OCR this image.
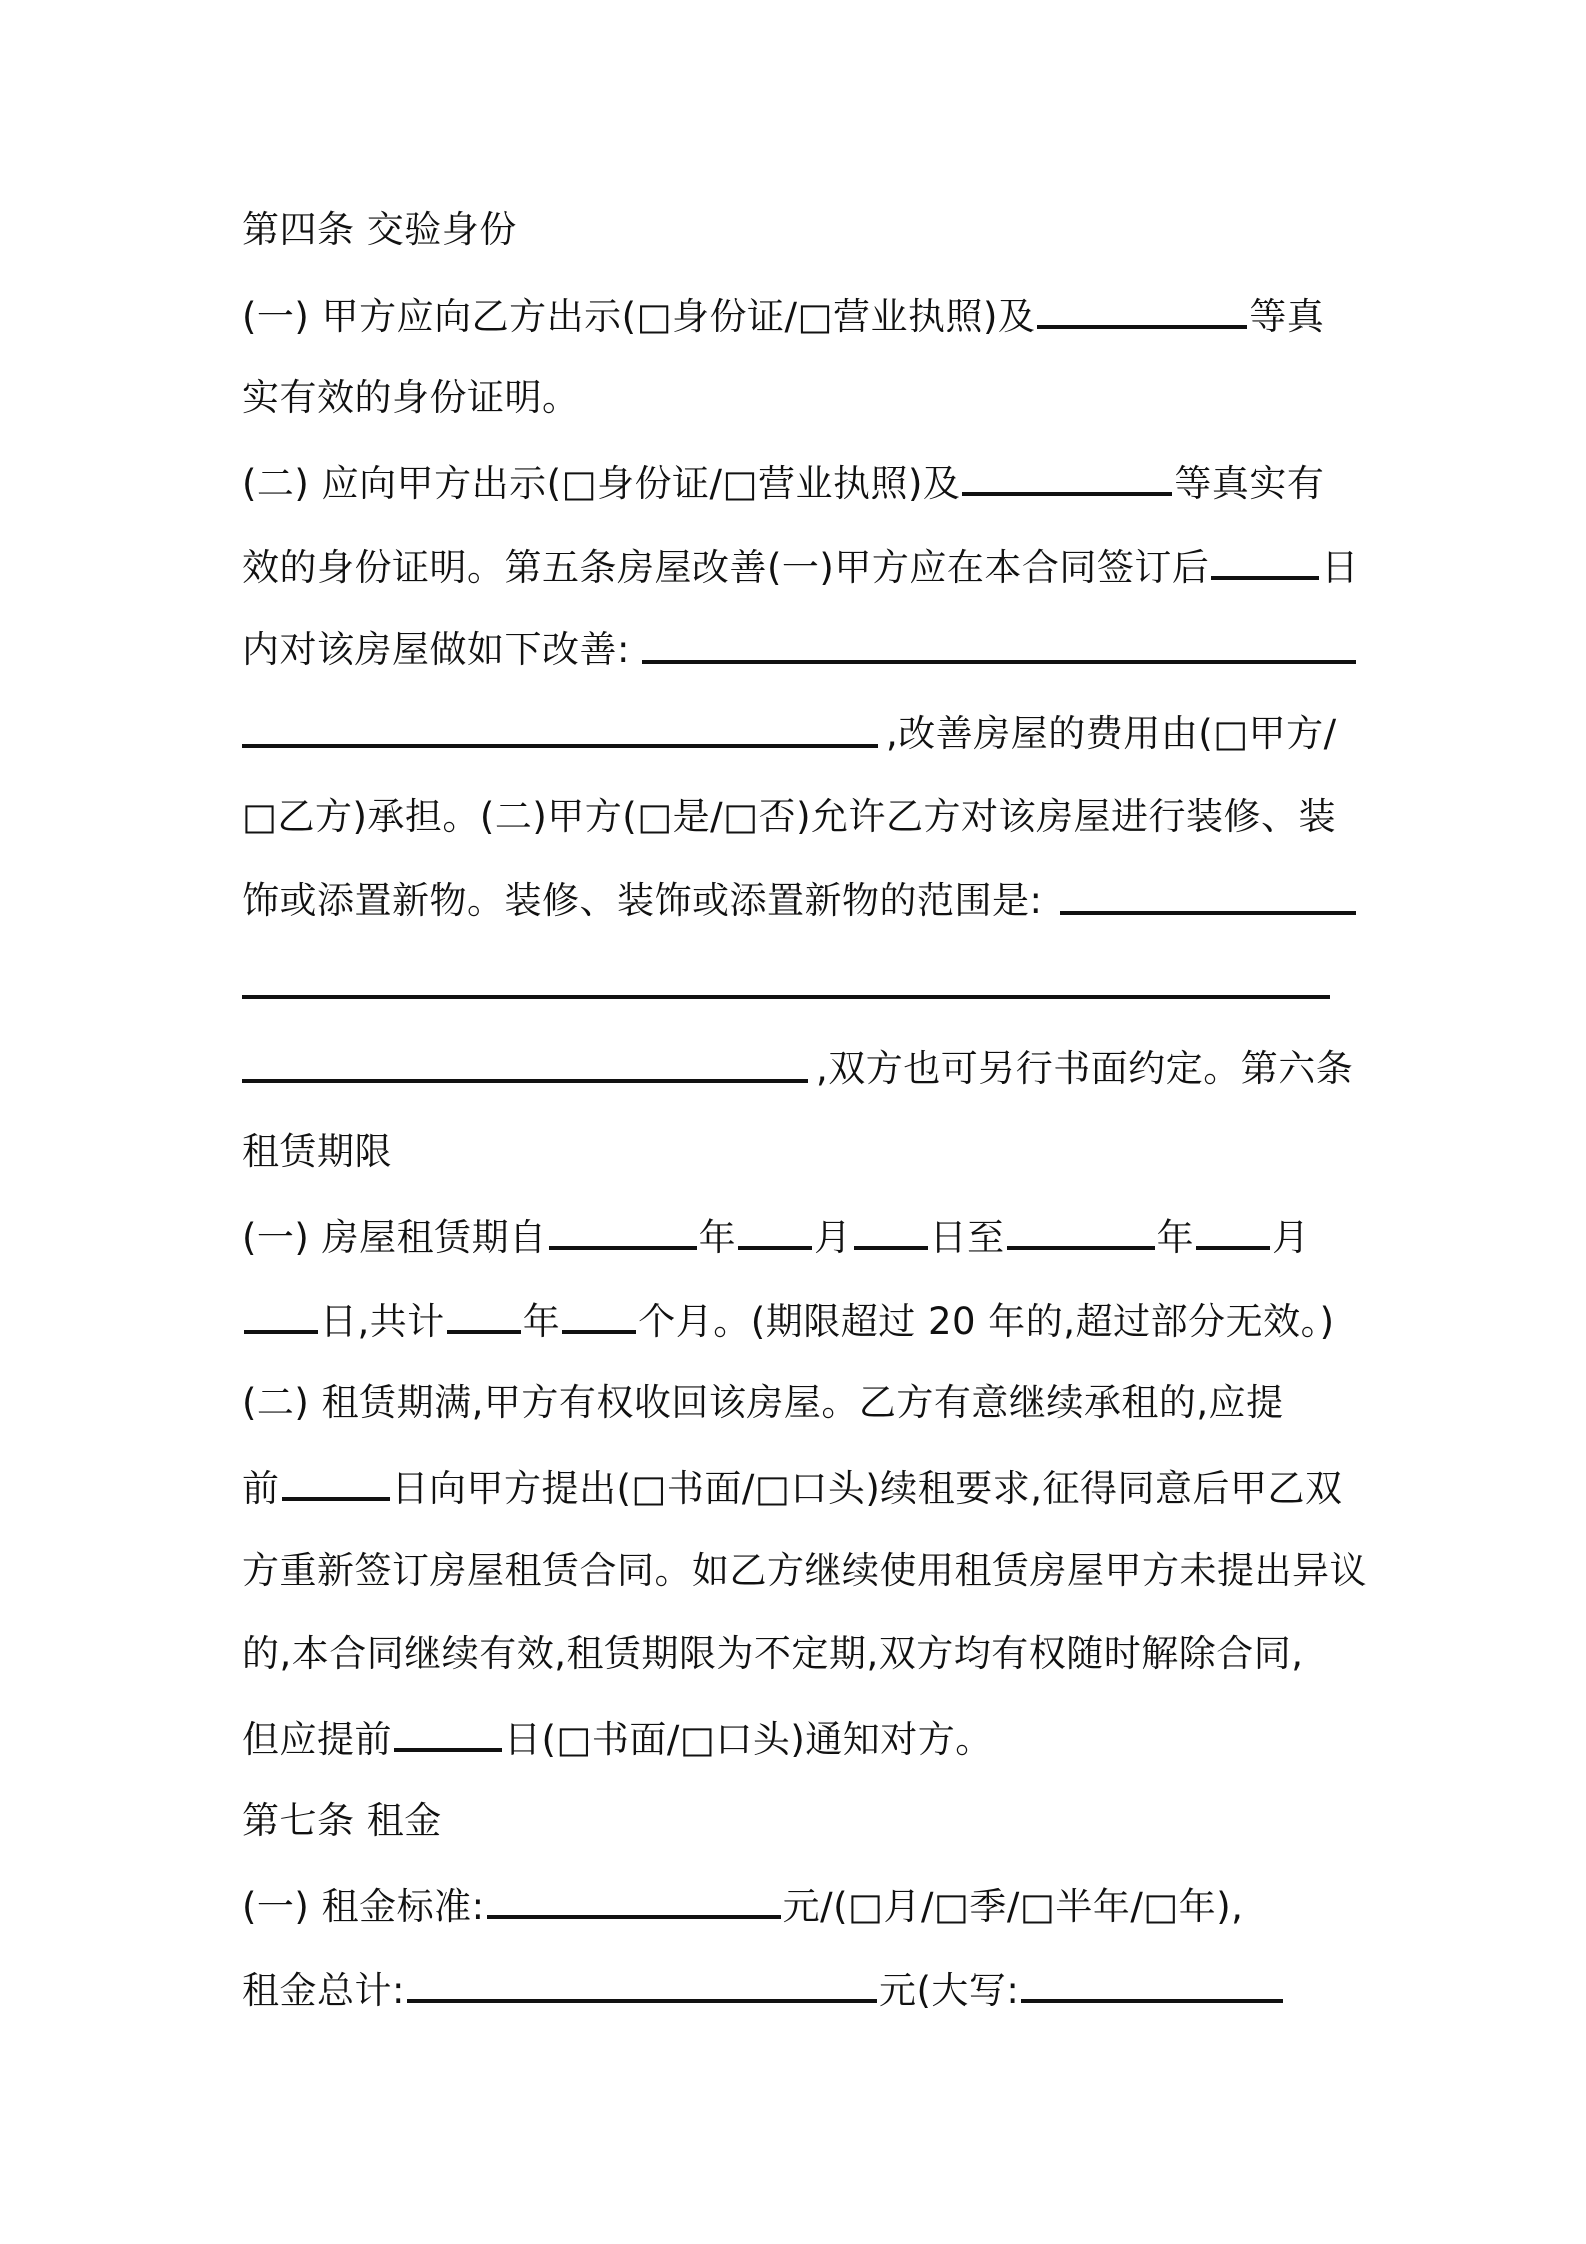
第四条 交验身份
(一) 甲方应向乙方出示(□身份证/□营业执照)及	等真
实有效的身份证明。
(二) 应向甲方出示(□身份证/□营业执照)及	等真实有
效的身份证明。第五条房屋改善(一)甲方应在本合同签订后	日
内对该房屋做如下改善:
,改善房屋的费用由(□甲方/
□乙方)承担。(二)甲方(□是/□否)允许乙方对该房屋进行装修、装
饰或添置新物。装修、装饰或添置新物的范围是:
,双方也可另行书面约定。第六条
租赁期限
(一) 房屋租赁期自	年 月 日至	年 月
日,共计 年 个月。(期限超过 20 年的,超过部分无效。)
(二) 租赁期满,甲方有权收回该房屋。乙方有意继续承租的,应提
前	日向甲方提出(□书面/□口头)续租要求,征得同意后甲乙双
方重新签订房屋租赁合同。如乙方继续使用租赁房屋甲方未提出异议
的,本合同继续有效,租赁期限为不定期,双方均有权随时解除合同,
但应提前	日(□书面/□口头)通知对方。
第七条 租金
(一) 租金标准:	元/(□月/□季/□半年/□年),
租金总计:	元(大写:
